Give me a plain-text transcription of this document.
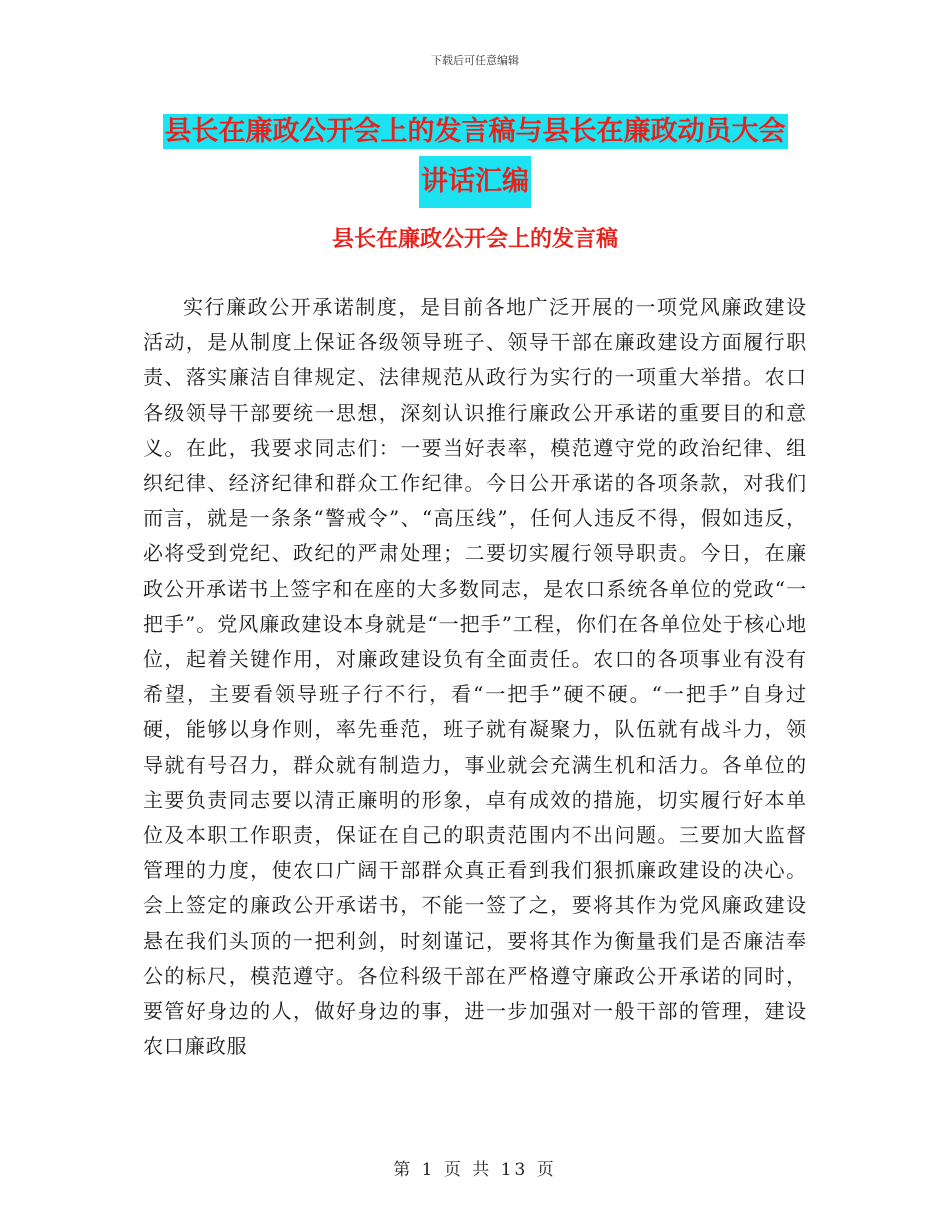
下载后可任意编辑
县长在廉政公开会上的发言稿与县长在廉政动员大会
讲话汇编
县长在廉政公开会上的发言稿

实行廉政公开承诺制度，是目前各地广泛开展的一项党风廉政建设活动，是从制度上保证各级领导班子、领导干部在廉政建设方面履行职责、落实廉洁自律规定、法律规范从政行为实行的一项重大举措。农口各级领导干部要统一思想，深刻认识推行廉政公开承诺的重要目的和意义。在此，我要求同志们：一要当好表率，模范遵守党的政治纪律、组织纪律、经济纪律和群众工作纪律。今日公开承诺的各项条款，对我们而言，就是一条条“警戒令”、“高压线”，任何人违反不得，假如违反，必将受到党纪、政纪的严肃处理；二要切实履行领导职责。今日，在廉政公开承诺书上签字和在座的大多数同志，是农口系统各单位的党政“一把手”。党风廉政建设本身就是“一把手”工程，你们在各单位处于核心地位，起着关键作用，对廉政建设负有全面责任。农口的各项事业有没有希望，主要看领导班子行不行，看“一把手”硬不硬。“一把手”自身过硬，能够以身作则，率先垂范，班子就有凝聚力，队伍就有战斗力，领导就有号召力，群众就有制造力，事业就会充满生机和活力。各单位的主要负责同志要以清正廉明的形象，卓有成效的措施，切实履行好本单位及本职工作职责，保证在自己的职责范围内不出问题。三要加大监督管理的力度，使农口广阔干部群众真正看到我们狠抓廉政建设的决心。会上签定的廉政公开承诺书，不能一签了之，要将其作为党风廉政建设悬在我们头顶的一把利剑，时刻谨记，要将其作为衡量我们是否廉洁奉公的标尺，模范遵守。各位科级干部在严格遵守廉政公开承诺的同时，要管好身边的人，做好身边的事，进一步加强对一般干部的管理，建设农口廉政服

第 1 页 共 13 页
